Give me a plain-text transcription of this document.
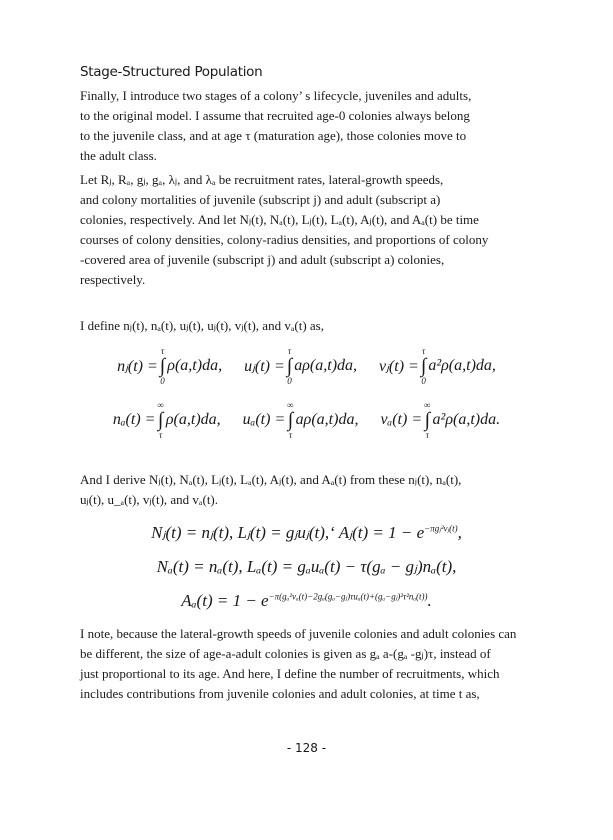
Stage-Structured Population
Finally, I introduce two stages of a colony’ s lifecycle, juveniles and adults,
to the original model. I assume that recruited age-0 colonies always belong
to the juvenile class, and at age τ (maturation age), those colonies move to
the adult class.
Let Rⱼ, Rₐ, gⱼ, gₐ, λⱼ, and λₐ be recruitment rates, lateral-growth speeds,
and colony mortalities of juvenile (subscript j) and adult (subscript a)
colonies, respectively. And let Nⱼ(t), Nₐ(t), Lⱼ(t), Lₐ(t), Aⱼ(t), and Aₐ(t) be time
courses of colony densities, colony-radius densities, and proportions of colony
-covered area of juvenile (subscript j) and adult (subscript a) colonies,
respectively.
I define nⱼ(t), nₐ(t), uⱼ(t), uⱼ(t), vⱼ(t), and vₐ(t) as,
nⱼ(t) =
τ
∫
0
ρ(a,t)da, uⱼ(t) =
τ
∫
0
aρ(a,t)da, vⱼ(t) =
τ
∫
0
a²ρ(a,t)da,
nₐ(t) =
∞
∫
τ
ρ(a,t)da, uₐ(t) =
∞
∫
τ
aρ(a,t)da, vₐ(t) =
∞
∫
τ
a²ρ(a,t)da.
And I derive Nⱼ(t), Nₐ(t), Lⱼ(t), Lₐ(t), Aⱼ(t), and Aₐ(t) from these nⱼ(t), nₐ(t),
uⱼ(t), u_ₐ(t), vⱼ(t), and vₐ(t).
Nⱼ(t) = nⱼ(t), Lⱼ(t) = gⱼuⱼ(t),‘ Aⱼ(t) = $1 - e^{-\pi gⱼ^2vⱼ(t)}$,
Nₐ(t) = nₐ(t), Lₐ(t) = gₐuₐ(t) − τ(gₐ − gⱼ)nₐ(t),
$A_a(t) = 1 - e^{-\pi(g_a^2v_a(t)-2g_a(g_a-gⱼ)\tau u_a(t)+(g_a-gⱼ)^2\tau^2n_a(t))}$.
I note, because the lateral-growth speeds of juvenile colonies and adult colonies can
be different, the size of age-a-adult colonies is given as gₐ a-(gₐ -gⱼ)τ, instead of
just proportional to its age. And here, I define the number of recruitments, which
includes contributions from juvenile colonies and adult colonies, at time t as,
- 128 -
